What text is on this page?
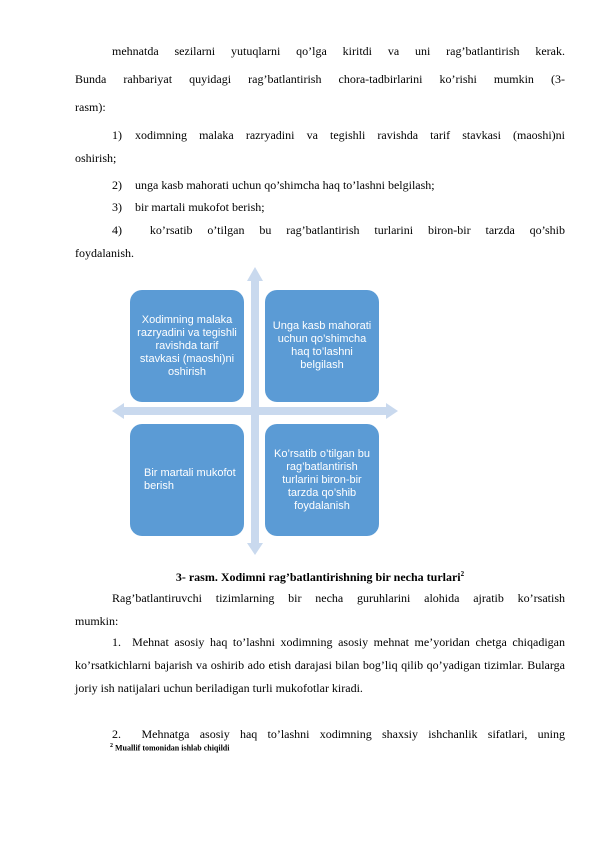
mehnatda sezilarni yutuqlarni qo’lga kiritdi va uni rag’batlantirish kerak.

Bunda rahbariyat quyidagi rag’batlantirish chora-tadbirlarini ko’rishi mumkin (3-

rasm):

1) xodimning malaka razryadini va tegishli ravishda tarif stavkasi (maoshi)ni

oshirish;

2) unga kasb mahorati uchun qo’shimcha haq to’lashni belgilash;
3) bir martali mukofot berish;
4) ko’rsatib o’tilgan bu rag’batlantirish turlarini biron-bir tarzda qo’shib

foydalanish.

Xodimning malaka razryadini va tegishli ravishda tarif stavkasi (maoshi)ni oshirish
Unga kasb mahorati uchun qo’shimcha haq to’lashni belgilash
Bir martali mukofot berish
Ko’rsatib o’tilgan bu rag’batlantirish turlarini biron-bir tarzda qo’shib foydalanish
3- rasm. Xodimni rag’batlantirishning bir necha turlari$^2$

Rag’batlantiruvchi tizimlarning bir necha guruhlarini alohida ajratib ko’rsatish

mumkin:

1. Mehnat asosiy haq to’lashni xodimning asosiy mehnat me’yoridan chetga chiqadigan ko’rsatkichlarni bajarish va oshirib ado etish darajasi bilan bog’liq qilib qo’yadigan tizimlar. Bularga joriy ish natijalari uchun beriladigan turli mukofotlar kiradi.
2. Mehnatga asosiy haq to’lashni xodimning shaxsiy ishchanlik sifatlari, uning
$^2$ Muallif tomonidan ishlab chiqildi
